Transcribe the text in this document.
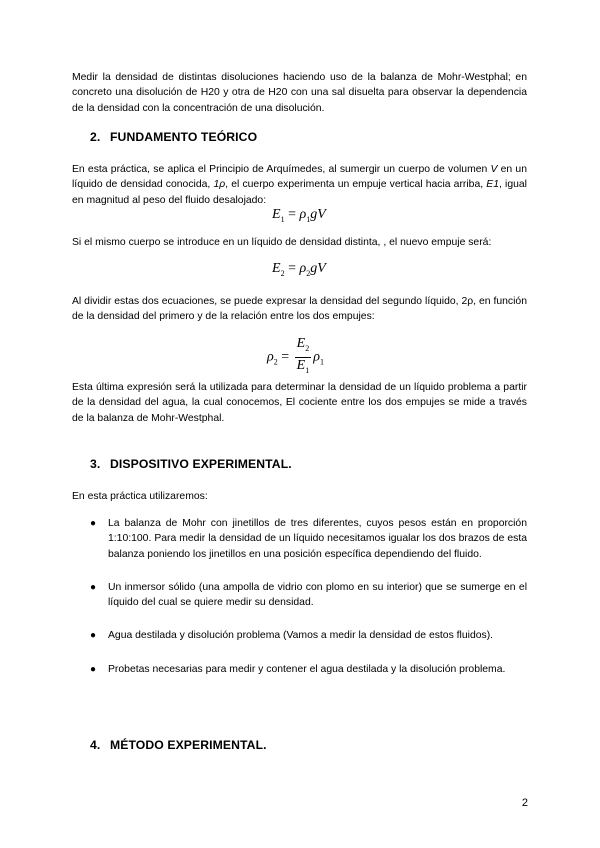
Medir la densidad de distintas disoluciones haciendo uso de la balanza de Mohr-Westphal; en concreto una disolución de H20 y otra de H20 con una sal disuelta para observar la dependencia de la densidad con la concentración de una disolución.

2. FUNDAMENTO TEÓRICO

En esta práctica, se aplica el Principio de Arquímedes, al sumergir un cuerpo de volumen V en un líquido de densidad conocida, 1ρ, el cuerpo experimenta un empuje vertical hacia arriba, E1, igual en magnitud al peso del fluido desalojado:

$E_1 = \rho_1gV$

Si el mismo cuerpo se introduce en un líquido de densidad distinta, , el nuevo empuje será:

$E_2 = \rho_2gV$

Al dividir estas dos ecuaciones, se puede expresar la densidad del segundo líquido, 2ρ, en función de la densidad del primero y de la relación entre los dos empujes:

$\rho_2 = \frac{E_2}{E_1} \rho_1$

Esta última expresión será la utilizada para determinar la densidad de un líquido problema a partir de la densidad del agua, la cual conocemos, El cociente entre los dos empujes se mide a través de la balanza de Mohr-Westphal.

3. DISPOSITIVO EXPERIMENTAL.

En esta práctica utilizaremos:

●	La balanza de Mohr con jinetillos de tres diferentes, cuyos pesos están en proporción 1:10:100. Para medir la densidad de un líquido necesitamos igualar los dos brazos de esta balanza poniendo los jinetillos en una posición específica dependiendo del fluido.
●	Un inmersor sólido (una ampolla de vidrio con plomo en su interior) que se sumerge en el líquido del cual se quiere medir su densidad.
●	Agua destilada y disolución problema (Vamos a medir la densidad de estos fluidos).
●	Probetas necesarias para medir y contener el agua destilada y la disolución problema.
4. MÉTODO EXPERIMENTAL.
2
